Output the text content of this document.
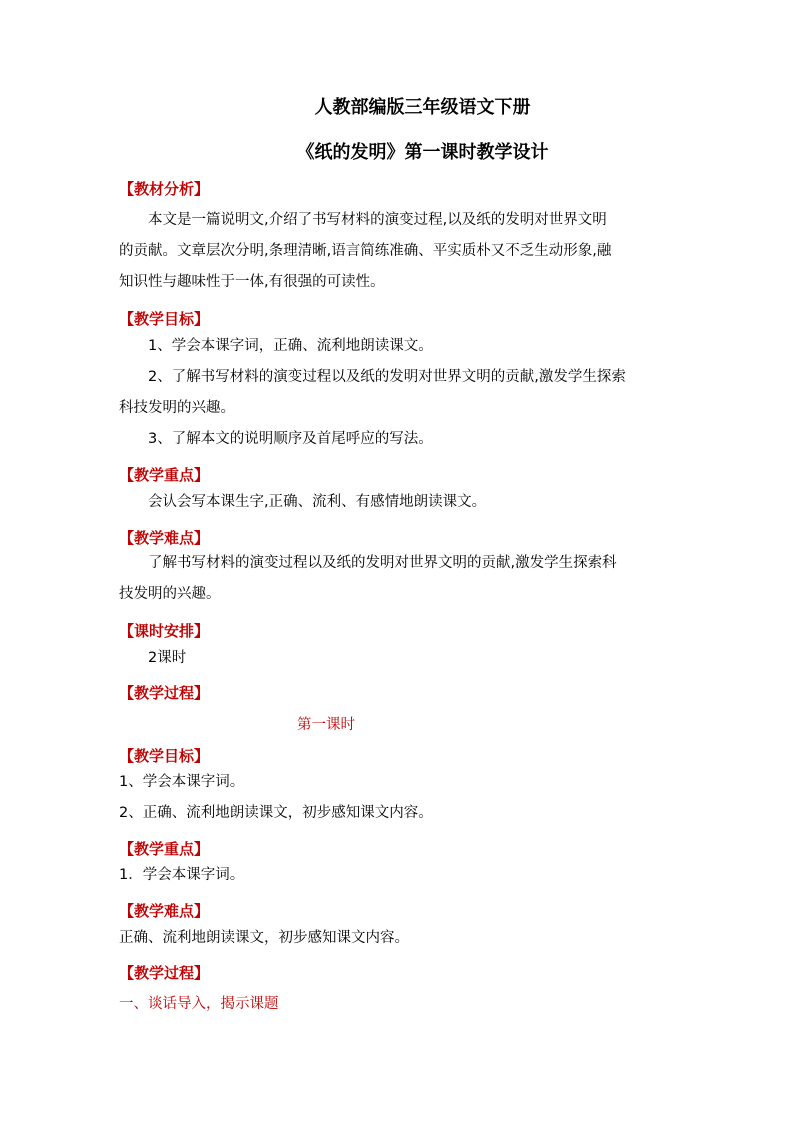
人教部编版三年级语文下册
《纸的发明》第一课时教学设计
【教材分析】
本文是一篇说明文,介绍了书写材料的演变过程,以及纸的发明对世界文明
的贡献。文章层次分明,条理清晰,语言简练准确、平实质朴又不乏生动形象,融
知识性与趣味性于一体,有很强的可读性。
【教学目标】
1、学会本课字词，正确、流利地朗读课文。
2、了解书写材料的演变过程以及纸的发明对世界文明的贡献,激发学生探索
科技发明的兴趣。
3、了解本文的说明顺序及首尾呼应的写法。
【教学重点】
会认会写本课生字,正确、流利、有感情地朗读课文。
【教学难点】
了解书写材料的演变过程以及纸的发明对世界文明的贡献,激发学生探索科
技发明的兴趣。
【课时安排】
2课时
【教学过程】
第一课时
【教学目标】
1、学会本课字词。
2、正确、流利地朗读课文，初步感知课文内容。
【教学重点】
1．学会本课字词。
【教学难点】
正确、流利地朗读课文，初步感知课文内容。
【教学过程】
一、谈话导入，揭示课题
